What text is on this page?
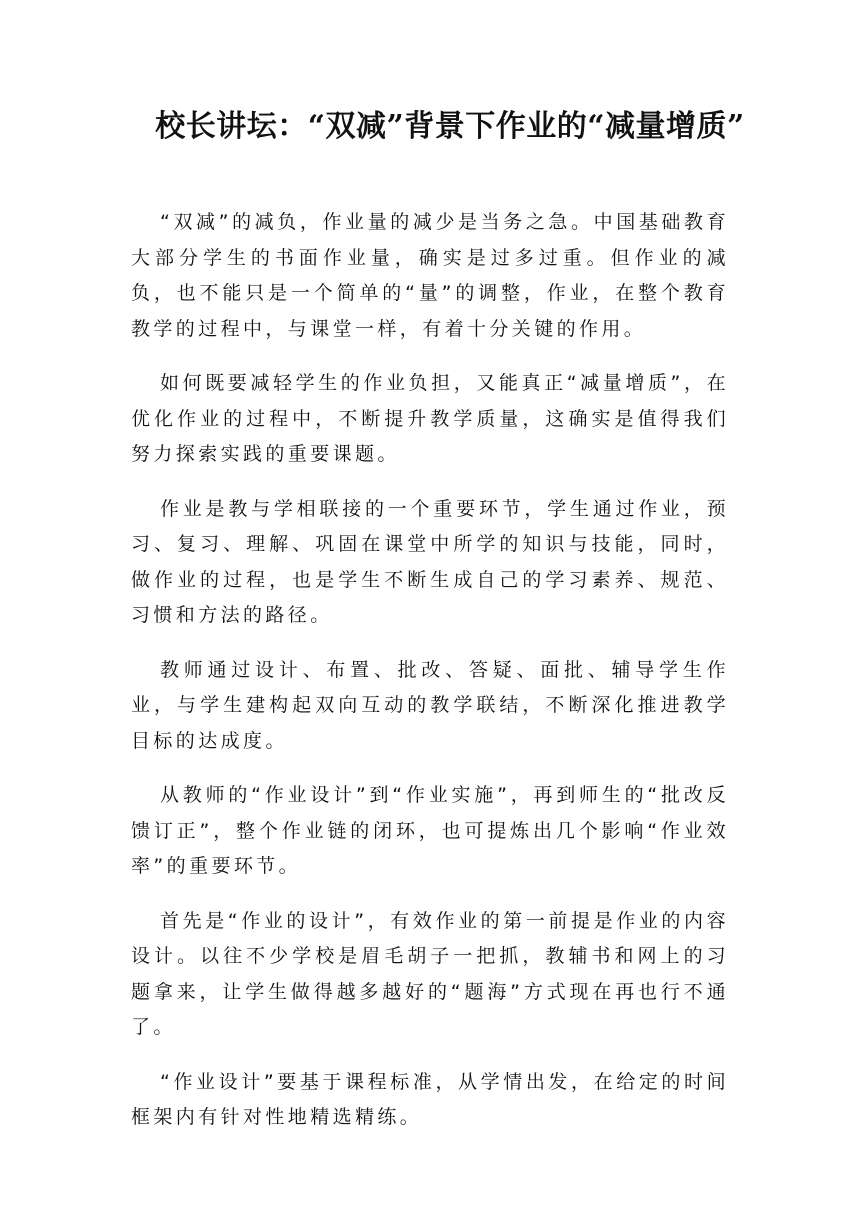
校长讲坛：“双减”背景下作业的“减量增质”

“双减”的减负，作业量的减少是当务之急。中国基础教育大部分学生的书面作业量，确实是过多过重。但作业的减负，也不能只是一个简单的“量”的调整，作业，在整个教育教学的过程中，与课堂一样，有着十分关键的作用。

如何既要减轻学生的作业负担，又能真正“减量增质”，在优化作业的过程中，不断提升教学质量，这确实是值得我们努力探索实践的重要课题。

作业是教与学相联接的一个重要环节，学生通过作业，预习、复习、理解、巩固在课堂中所学的知识与技能，同时，做作业的过程，也是学生不断生成自己的学习素养、规范、习惯和方法的路径。

教师通过设计、布置、批改、答疑、面批、辅导学生作业，与学生建构起双向互动的教学联结，不断深化推进教学目标的达成度。

从教师的“作业设计”到“作业实施”，再到师生的“批改反馈订正”，整个作业链的闭环，也可提炼出几个影响“作业效率”的重要环节。

首先是“作业的设计”，有效作业的第一前提是作业的内容设计。以往不少学校是眉毛胡子一把抓，教辅书和网上的习题拿来，让学生做得越多越好的“题海”方式现在再也行不通了。

“作业设计”要基于课程标准，从学情出发，在给定的时间框架内有针对性地精选精练。
